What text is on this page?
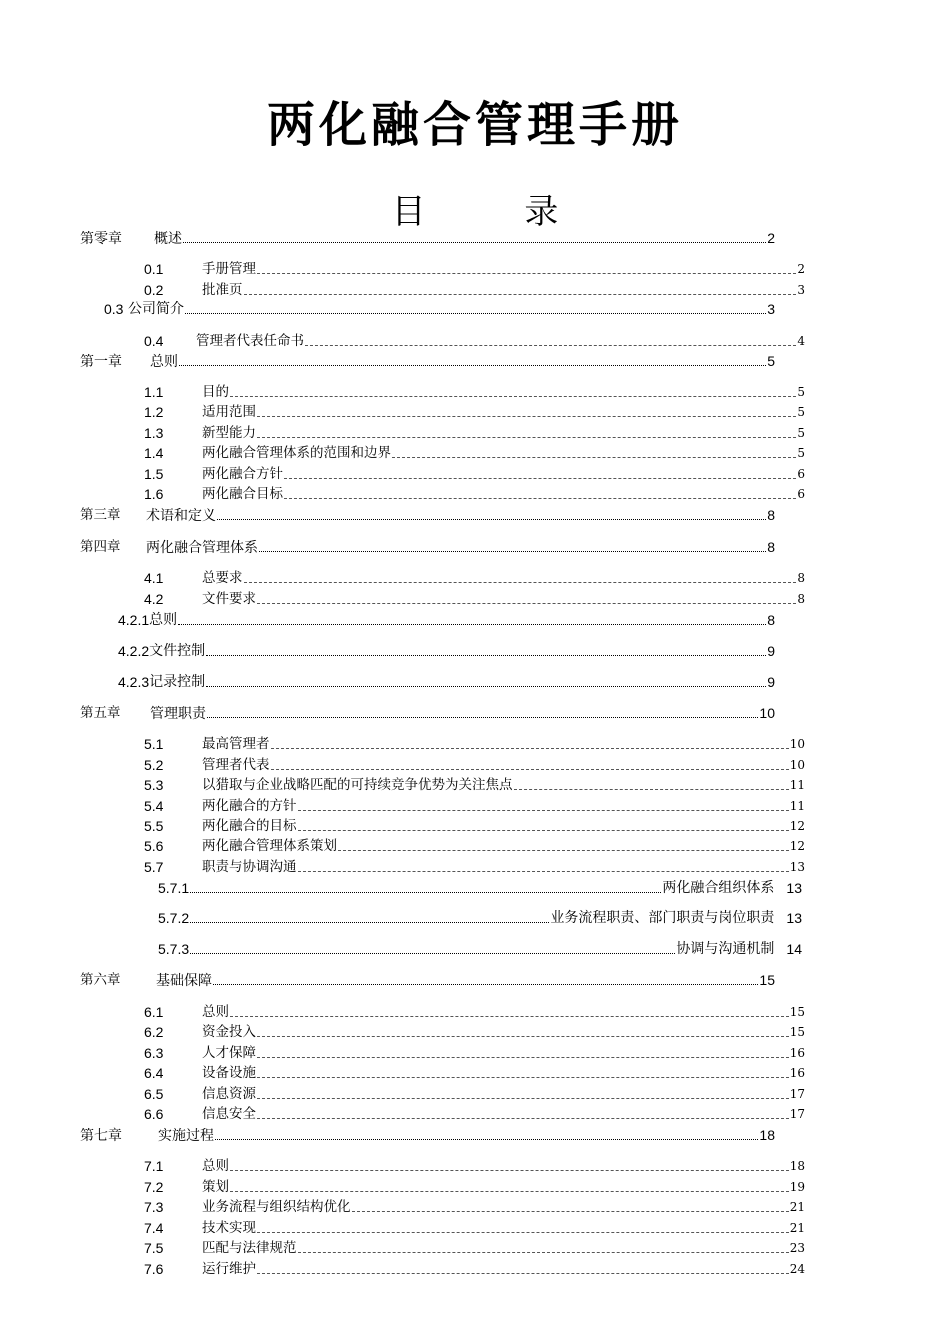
两化融合管理手册
目 录
第零章	概述	2
0.1	手册管理	2
0.2	批准页	3
0.3 公司简介	3
0.4	管理者代表任命书	4
第一章	总则	5
1.1	目的	5
1.2	适用范围	5
1.3	新型能力	5
1.4	两化融合管理体系的范围和边界	5
1.5	两化融合方针	6
1.6	两化融合目标	6
第三章	术语和定义	8
第四章	两化融合管理体系	8
4.1	总要求	8
4.2	文件要求	8
4.2.1 总则	8
4.2.2 文件控制	9
4.2.3 记录控制	9
第五章	管理职责	10
5.1	最高管理者	10
5.2	管理者代表	10
5.3	以猎取与企业战略匹配的可持续竞争优势为关注焦点	11
5.4	两化融合的方针	11
5.5	两化融合的目标	12
5.6	两化融合管理体系策划	12
5.7	职责与协调沟通	13
5.7.1	两化融合组织体系 13
5.7.2	业务流程职责、部门职责与岗位职责 13
5.7.3	协调与沟通机制 14
第六章	基础保障	15
6.1	总则	15
6.2	资金投入	15
6.3	人才保障	16
6.4	设备设施	16
6.5	信息资源	17
6.6	信息安全	17
第七章	实施过程	18
7.1	总则	18
7.2	策划	19
7.3	业务流程与组织结构优化	21
7.4	技术实现	21
7.5	匹配与法律规范	23
7.6	运行维护	24
